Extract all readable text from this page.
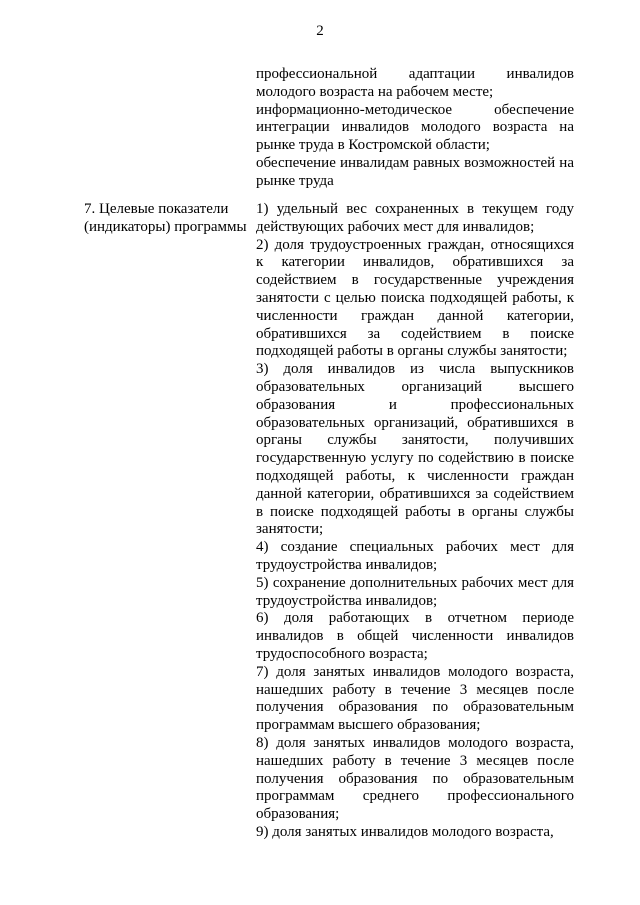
2

профессиональной адаптации инвалидов молодого возраста на рабочем месте;

информационно-методическое обеспечение интеграции инвалидов молодого возраста на рынке труда в Костромской области;

обеспечение инвалидам равных возможностей на рынке труда

7. Целевые показатели
(индикаторы) программы

1) удельный вес сохраненных в текущем году действующих рабочих мест для инвалидов;

2) доля трудоустроенных граждан, относящихся к категории инвалидов, обратившихся за содействием в государственные учреждения занятости с целью поиска подходящей работы, к численности граждан данной категории, обратившихся за содействием в поиске подходящей работы в органы службы занятости;

3) доля инвалидов из числа выпускников образовательных организаций высшего образования и профессиональных образовательных организаций, обратившихся в органы службы занятости, получивших государственную услугу по содействию в поиске подходящей работы, к численности граждан данной категории, обратившихся за содействием в поиске подходящей работы в органы службы занятости;

4) создание специальных рабочих мест для трудоустройства инвалидов;

5) сохранение дополнительных рабочих мест для трудоустройства инвалидов;

6) доля работающих в отчетном периоде инвалидов в общей численности инвалидов трудоспособного возраста;

7) доля занятых инвалидов молодого возраста, нашедших работу в течение 3 месяцев после получения образования по образовательным программам высшего образования;

8) доля занятых инвалидов молодого возраста, нашедших работу в течение 3 месяцев после получения образования по образовательным программам среднего профессионального образования;

9) доля занятых инвалидов молодого возраста,
